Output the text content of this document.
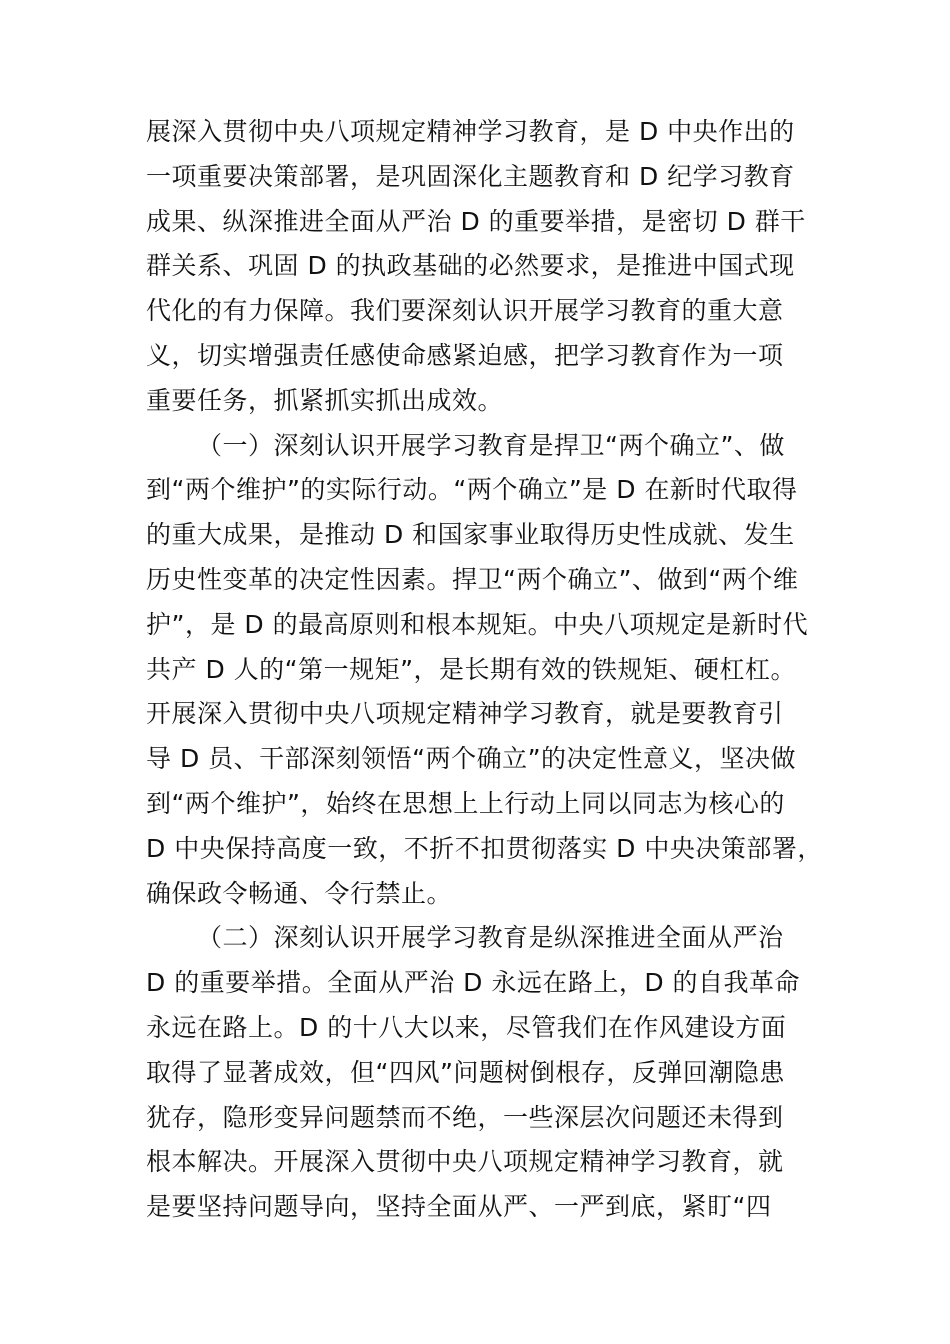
展深入贯彻中央八项规定精神学习教育，是 D 中央作出的
一项重要决策部署，是巩固深化主题教育和 D 纪学习教育
成果、纵深推进全面从严治 D 的重要举措，是密切 D 群干
群关系、巩固 D 的执政基础的必然要求，是推进中国式现
代化的有力保障。我们要深刻认识开展学习教育的重大意
义，切实增强责任感使命感紧迫感，把学习教育作为一项
重要任务，抓紧抓实抓出成效。
（一）深刻认识开展学习教育是捍卫“两个确立”、做
到“两个维护”的实际行动。“两个确立”是 D 在新时代取得
的重大成果，是推动 D 和国家事业取得历史性成就、发生
历史性变革的决定性因素。捍卫“两个确立”、做到“两个维
护”，是 D 的最高原则和根本规矩。中央八项规定是新时代
共产 D 人的“第一规矩”，是长期有效的铁规矩、硬杠杠。
开展深入贯彻中央八项规定精神学习教育，就是要教育引
导 D 员、干部深刻领悟“两个确立”的决定性意义，坚决做
到“两个维护”，始终在思想上上行动上同以同志为核心的
D 中央保持高度一致，不折不扣贯彻落实 D 中央决策部署，
确保政令畅通、令行禁止。
（二）深刻认识开展学习教育是纵深推进全面从严治
D 的重要举措。全面从严治 D 永远在路上，D 的自我革命
永远在路上。D 的十八大以来，尽管我们在作风建设方面
取得了显著成效，但“四风”问题树倒根存，反弹回潮隐患
犹存，隐形变异问题禁而不绝，一些深层次问题还未得到
根本解决。开展深入贯彻中央八项规定精神学习教育，就
是要坚持问题导向，坚持全面从严、一严到底，紧盯“四
